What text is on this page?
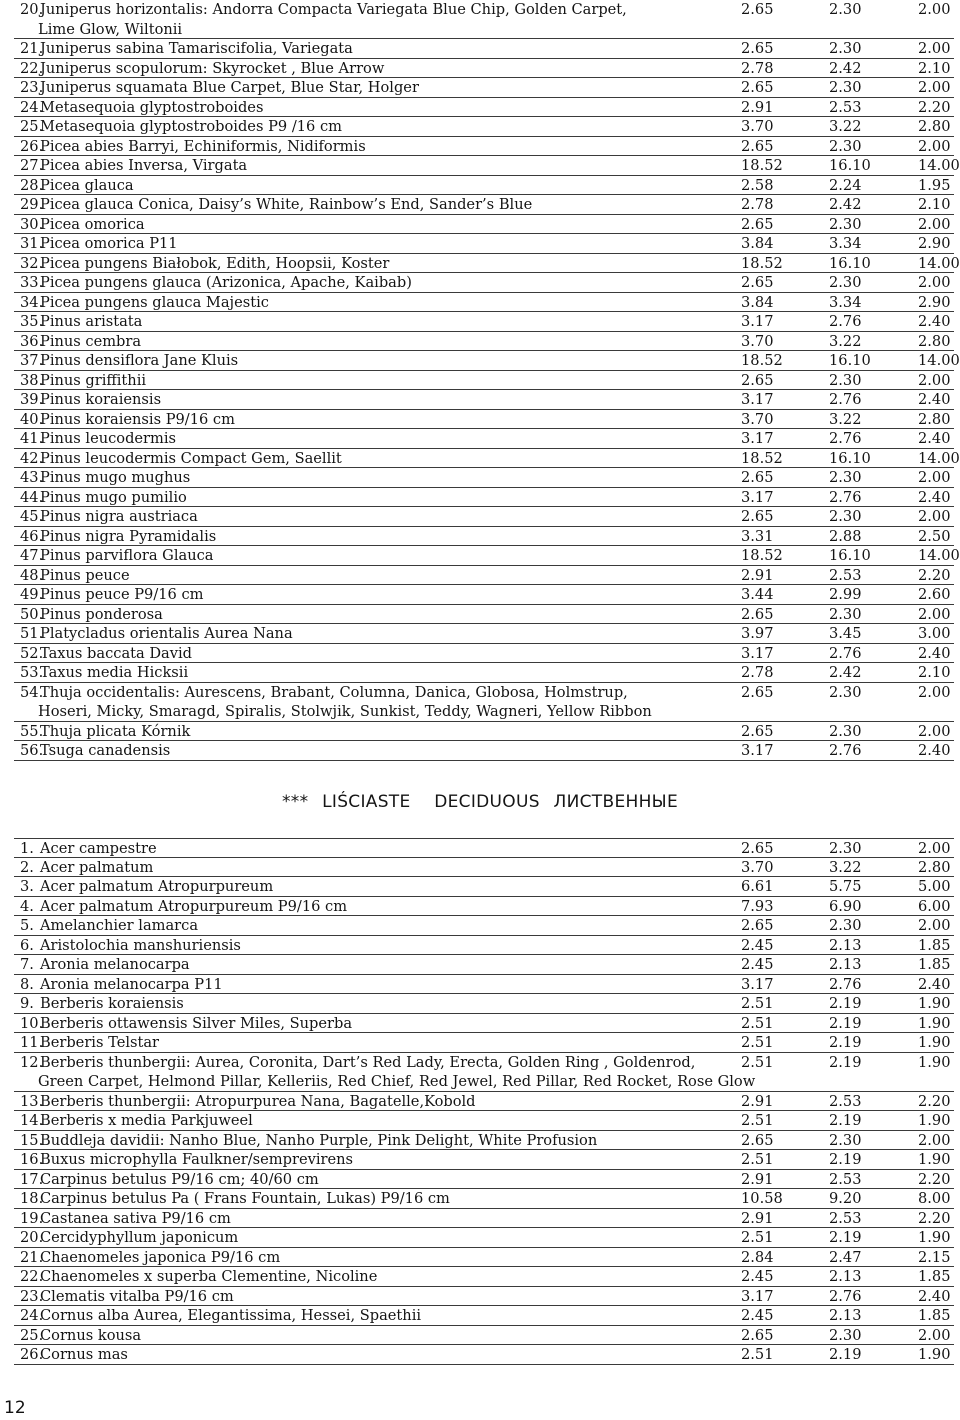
20.
Juniperus horizontalis: Andorra Compacta Variegata Blue Chip, Golden Carpet,
Lime Glow, Wiltonii
2.65	2.30	2.00
21.
Juniperus sabina Tamariscifolia, Variegata	2.65	2.30	2.00
22.
Juniperus scopulorum: Skyrocket , Blue Arrow	2.78	2.42	2.10
23.
Juniperus squamata Blue Carpet, Blue Star, Holger	2.65	2.30	2.00
24.
Metasequoia glyptostroboides	2.91	2.53	2.20
25.
Metasequoia glyptostroboides P9 /16 cm	3.70	3.22	2.80
26.
Picea abies Barryi, Echiniformis, Nidiformis	2.65	2.30	2.00
27.
Picea abies Inversa, Virgata	18.52	16.10	14.00
28.
Picea glauca	2.58	2.24	1.95
29.
Picea glauca Conica, Daisy’s White, Rainbow’s End, Sander’s Blue	2.78	2.42	2.10
30.
Picea omorica	2.65	2.30	2.00
31.
Picea omorica P11	3.84	3.34	2.90
32.
Picea pungens Białobok, Edith, Hoopsii, Koster	18.52	16.10	14.00
33.
Picea pungens glauca (Arizonica, Apache, Kaibab)	2.65	2.30	2.00
34.
Picea pungens glauca Majestic	3.84	3.34	2.90
35.
Pinus aristata	3.17	2.76	2.40
36.
Pinus cembra	3.70	3.22	2.80
37.
Pinus densiflora Jane Kluis	18.52	16.10	14.00
38.
Pinus griffithii	2.65	2.30	2.00
39.
Pinus koraiensis	3.17	2.76	2.40
40.
Pinus koraiensis P9/16 cm	3.70	3.22	2.80
41.
Pinus leucodermis	3.17	2.76	2.40
42.
Pinus leucodermis Compact Gem, Saellit	18.52	16.10	14.00
43.
Pinus mugo mughus	2.65	2.30	2.00
44.
Pinus mugo pumilio	3.17	2.76	2.40
45.
Pinus nigra austriaca	2.65	2.30	2.00
46.
Pinus nigra Pyramidalis	3.31	2.88	2.50
47.
Pinus parviflora Glauca	18.52	16.10	14.00
48.
Pinus peuce	2.91	2.53	2.20
49.
Pinus peuce P9/16 cm	3.44	2.99	2.60
50.
Pinus ponderosa	2.65	2.30	2.00
51.
Platycladus orientalis Aurea Nana	3.97	3.45	3.00
52.
Taxus baccata David	3.17	2.76	2.40
53.
Taxus media Hicksii	2.78	2.42	2.10
54.
Thuja occidentalis: Aurescens, Brabant, Columna, Danica, Globosa, Holmstrup,
Hoseri, Micky, Smaragd, Spiralis, Stolwjik, Sunkist, Teddy, Wagneri, Yellow Ribbon
2.65	2.30	2.00
55.
Thuja plicata Kórnik	2.65	2.30	2.00
56.
Tsuga canadensis	3.17	2.76	2.40
*** LIŚCIASTE DECIDUOUS ЛИСТВЕННЫЕ
1. Acer campestre	2.65	2.30	2.00
2. Acer palmatum	3.70	3.22	2.80
3. Acer palmatum Atropurpureum	6.61	5.75	5.00
4. Acer palmatum Atropurpureum P9/16 cm	7.93	6.90	6.00
5. Amelanchier lamarca	2.65	2.30	2.00
6. Aristolochia manshuriensis	2.45	2.13	1.85
7. Aronia melanocarpa	2.45	2.13	1.85
8. Aronia melanocarpa P11	3.17	2.76	2.40
9. Berberis koraiensis	2.51	2.19	1.90
10.
Berberis ottawensis Silver Miles, Superba	2.51	2.19	1.90
11.
Berberis Telstar	2.51	2.19	1.90
12.
Berberis thunbergii: Aurea, Coronita, Dart’s Red Lady, Erecta, Golden Ring , Goldenrod,
Green Carpet, Helmond Pillar, Kelleriis, Red Chief, Red Jewel, Red Pillar, Red Rocket, Rose Glow
2.51	2.19	1.90
13.
Berberis thunbergii: Atropurpurea Nana, Bagatelle,Kobold	2.91	2.53	2.20
14.
Berberis x media Parkjuweel	2.51	2.19	1.90
15.
Buddleja davidii: Nanho Blue, Nanho Purple, Pink Delight, White Profusion	2.65	2.30	2.00
16.
Buxus microphylla Faulkner/semprevirens	2.51	2.19	1.90
17.
Carpinus betulus P9/16 cm; 40/60 cm	2.91	2.53	2.20
18.
Carpinus betulus Pa ( Frans Fountain, Lukas) P9/16 cm	10.58	9.20	8.00
19.
Castanea sativa P9/16 cm	2.91	2.53	2.20
20.
Cercidyphyllum japonicum	2.51	2.19	1.90
21.
Chaenomeles japonica P9/16 cm	2.84	2.47	2.15
22.
Chaenomeles x superba Clementine, Nicoline	2.45	2.13	1.85
23.
Clematis vitalba P9/16 cm	3.17	2.76	2.40
24.
Cornus alba Aurea, Elegantissima, Hessei, Spaethii	2.45	2.13	1.85
25.
Cornus kousa	2.65	2.30	2.00
26.
Cornus mas	2.51	2.19	1.90
12
